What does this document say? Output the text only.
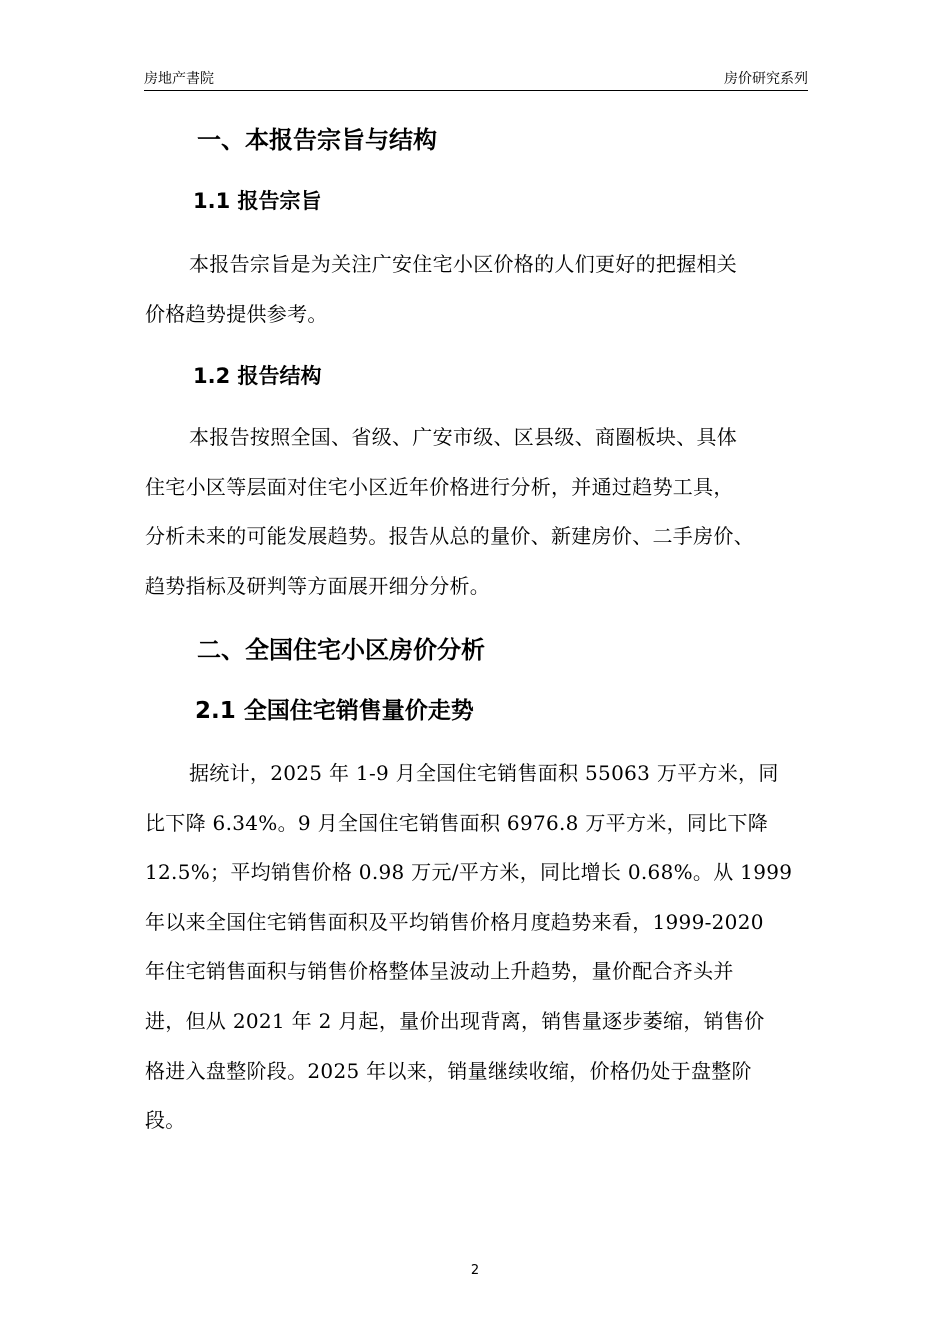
房地产書院	房价研究系列
一、本报告宗旨与结构
1.1 报告宗旨
本报告宗旨是为关注广安住宅小区价格的人们更好的把握相关
价格趋势提供参考。
1.2 报告结构
本报告按照全国、省级、广安市级、区县级、商圈板块、具体
住宅小区等层面对住宅小区近年价格进行分析，并通过趋势工具，
分析未来的可能发展趋势。报告从总的量价、新建房价、二手房价、
趋势指标及研判等方面展开细分分析。
二、全国住宅小区房价分析
2.1 全国住宅销售量价走势
据统计，2025 年 1-9 月全国住宅销售面积 55063 万平方米，同
比下降 6.34%。9 月全国住宅销售面积 6976.8 万平方米，同比下降
12.5%；平均销售价格 0.98 万元/平方米，同比增长 0.68%。从 1999
年以来全国住宅销售面积及平均销售价格月度趋势来看，1999-2020
年住宅销售面积与销售价格整体呈波动上升趋势，量价配合齐头并
进，但从 2021 年 2 月起，量价出现背离，销售量逐步萎缩，销售价
格进入盘整阶段。2025 年以来，销量继续收缩，价格仍处于盘整阶
段。
2
